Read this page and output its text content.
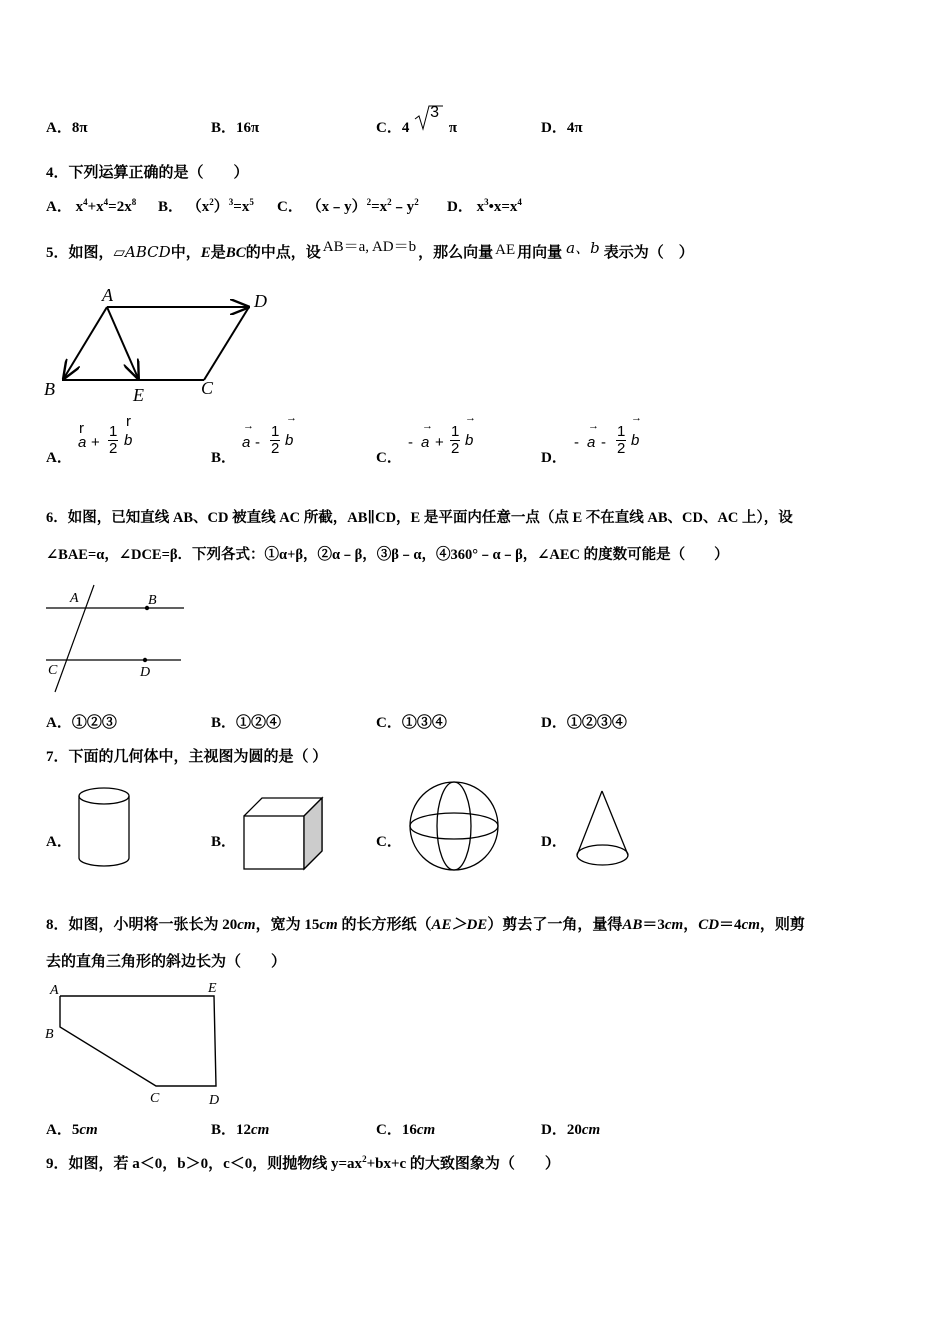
A．8π	B．16π	C．4
3
π	D．4π
4．下列运算正确的是（　　）
A． $x^4+x^4=2x^8$ B． $(x^2)^3=x^5$ C． $(x﹣y)^2=x^2﹣y^2$ D． $x^3•x=x^4$
5．如图，▱ABCD中，E是BC的中点，设 AB＝a, AD＝b ，那么向量 AE 用向量 a、b 表示为（　）
A	D
B	E	C
A．
r	r
$a + \frac{1}{2}$ b
B．
→
→
a - $\frac{1}{2}$ b
C．
→
→
- $a + \frac{1}{2}$ b
D．
→
→
- a - $\frac{1}{2}$ b
6．如图，已知直线 AB、CD 被直线 AC 所截，AB∥CD，E 是平面内任意一点（点 E 不在直线 AB、CD、AC 上），设
∠BAE=α，∠DCE=β．下列各式：①α+β，②α﹣β，③β﹣α，④360°﹣α﹣β，∠AEC 的度数可能是（　　）
A	B
C	D
A．①②③	B．①②④	C．①③④	D．①②③④
7．下面的几何体中，主视图为圆的是（ ）
A．	B．	C．	D．
8．如图，小明将一张长为 20cm，宽为 15cm 的长方形纸（AE＞DE）剪去了一角，量得AB＝3cm，CD＝4cm，则剪
去的直角三角形的斜边长为（　　）
A	E
B
C	D
A．5cm	B．12cm	C．16cm	D．20cm
9．如图，若 a＜0，b＞0，c＜0，则抛物线 $y=ax^2+bx+c$ 的大致图象为（　　）
